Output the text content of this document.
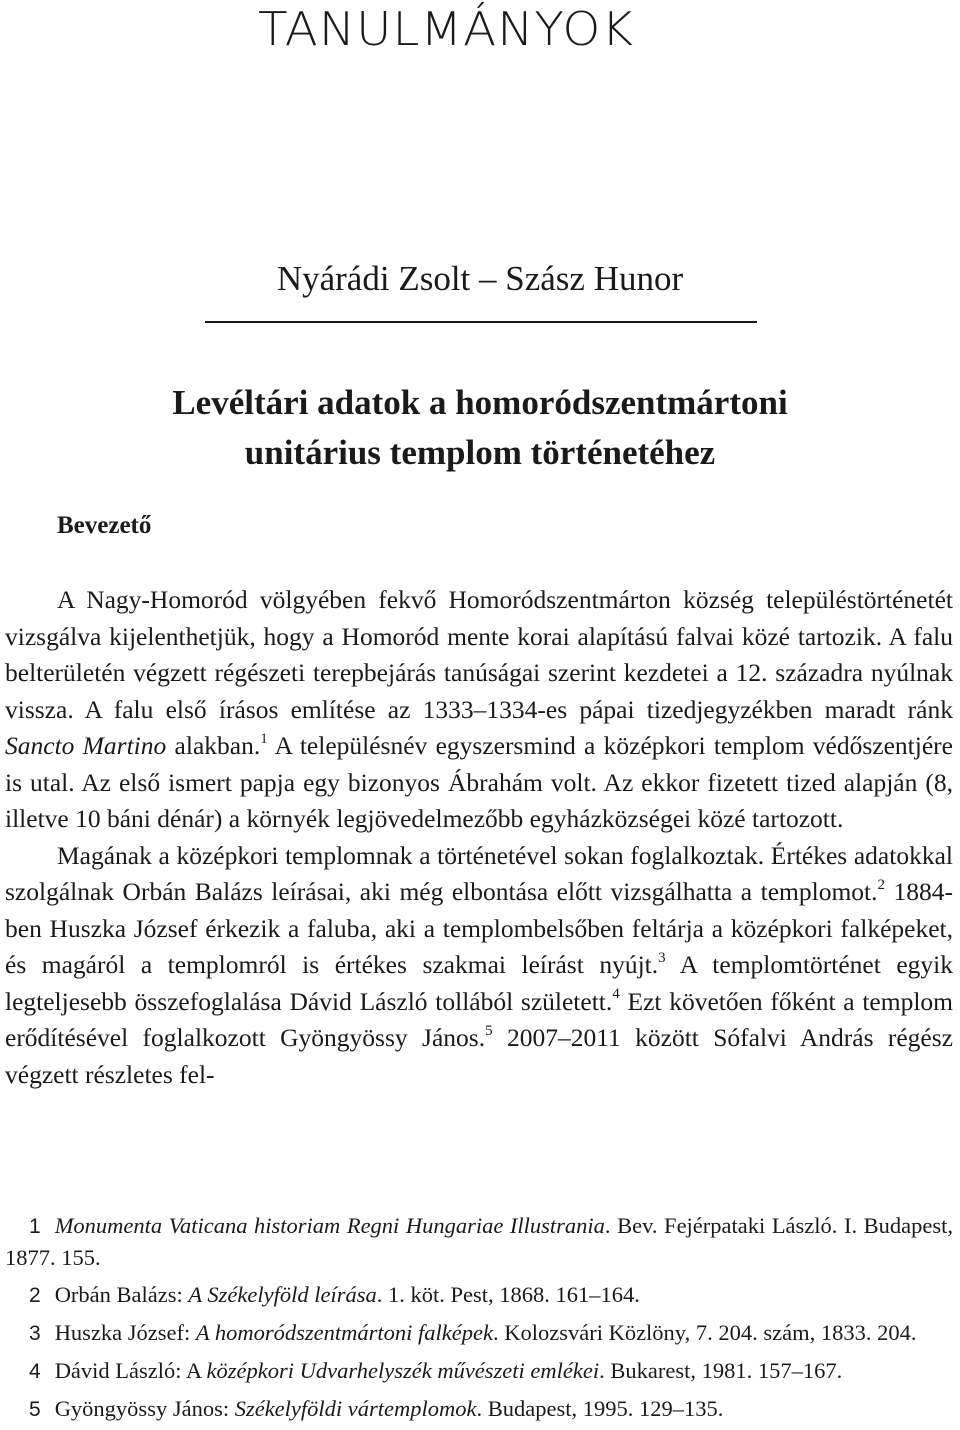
TANULMÁNYOK

Nyárádi Zsolt – Szász Hunor

Levéltári adatok a homoródszentmártoni
unitárius templom történetéhez
Bevezető

A Nagy-Homoród völgyében fekvő Homoródszentmárton község településtörténetét vizsgálva kijelenthetjük, hogy a Homoród mente korai alapítású falvai közé tartozik. A falu belterületén végzett régészeti terepbejárás tanúságai szerint kezdetei a 12. századra nyúlnak vissza. A falu első írásos említése az 1333–1334-es pápai tizedjegyzékben maradt ránk Sancto Martino alakban.$^1$ A településnév egyszersmind a középkori templom védőszentjére is utal. Az első ismert papja egy bizonyos Ábrahám volt. Az ekkor fizetett tized alapján (8, illetve 10 báni dénár) a környék legjövedelmezőbb egyházközségei közé tartozott.

Magának a középkori templomnak a történetével sokan foglalkoztak. Értékes adatokkal szolgálnak Orbán Balázs leírásai, aki még elbontása előtt vizsgálhatta a templomot.$^2$ 1884-ben Huszka József érkezik a faluba, aki a templombelsőben feltárja a középkori falképeket, és magáról a templomról is értékes szakmai leírást nyújt.$^3$ A templomtörténet egyik legteljesebb összefoglalása Dávid László tollából született.$^4$ Ezt követően főként a templom erődítésével foglalkozott Gyöngyössy János.$^5$ 2007–2011 között Sófalvi András régész végzett részletes fel-

1 Monumenta Vaticana historiam Regni Hungariae Illustrania. Bev. Fejérpataki László. I. Budapest, 1877. 155.

2 Orbán Balázs: A Székelyföld leírása. 1. köt. Pest, 1868. 161–164.

3 Huszka József: A homoródszentmártoni falképek. Kolozsvári Közlöny, 7. 204. szám, 1833. 204.

4 Dávid László: A középkori Udvarhelyszék művészeti emlékei. Bukarest, 1981. 157–167.

5 Gyöngyössy János: Székelyföldi vártemplomok. Budapest, 1995. 129–135.
